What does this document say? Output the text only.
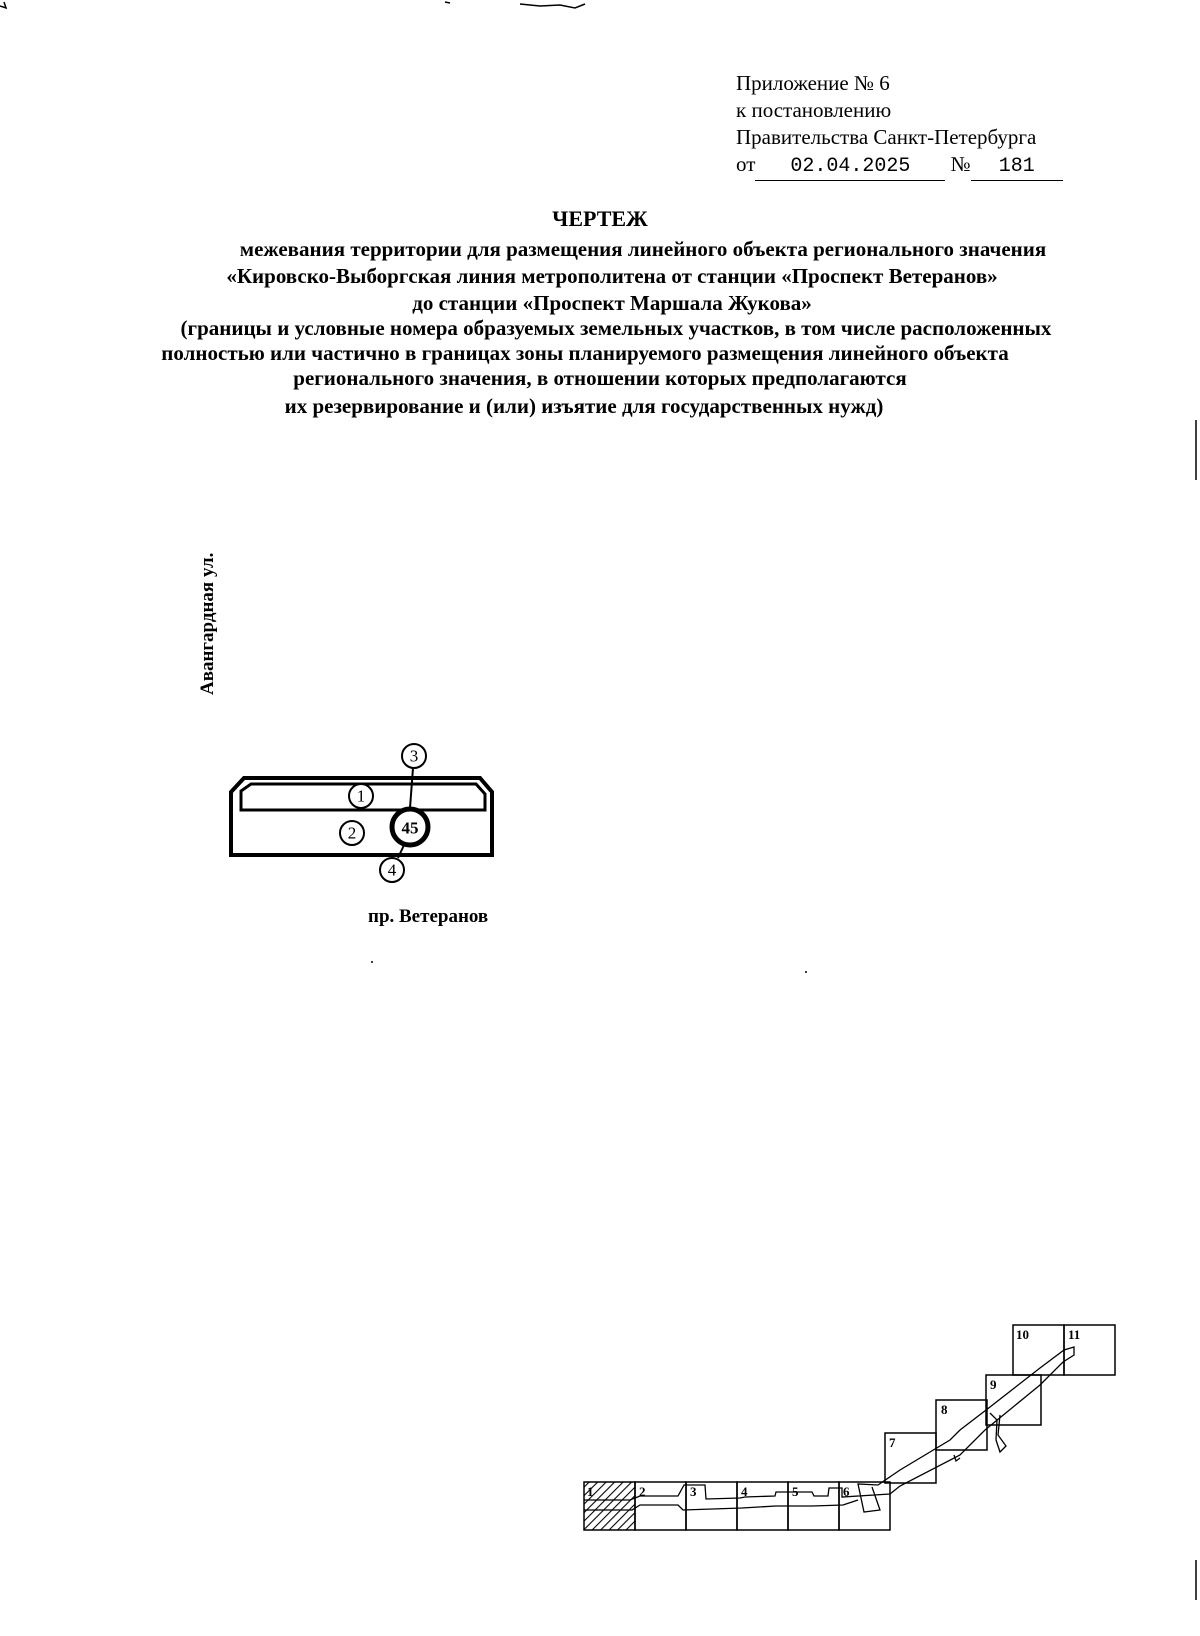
Приложение № 6
к постановлению
Правительства Санкт-Петербурга
от 02.04.2025 № 181
ЧЕРТЕЖ
межевания территории для размещения линейного объекта регионального значения
«Кировско-Выборгская линия метрополитена от станции «Проспект Ветеранов»
до станции «Проспект Маршала Жукова»
(границы и условные номера образуемых земельных участков, в том числе расположенных
полностью или частично в границах зоны планируемого размещения линейного объекта
регионального значения, в отношении которых предполагаются
их резервирование и (или) изъятие для государственных нужд)
Авангардная ул.
пр. Ветеранов
1
2
3
4
45
1	2	3	4	5	6
7
8
9
10	11
